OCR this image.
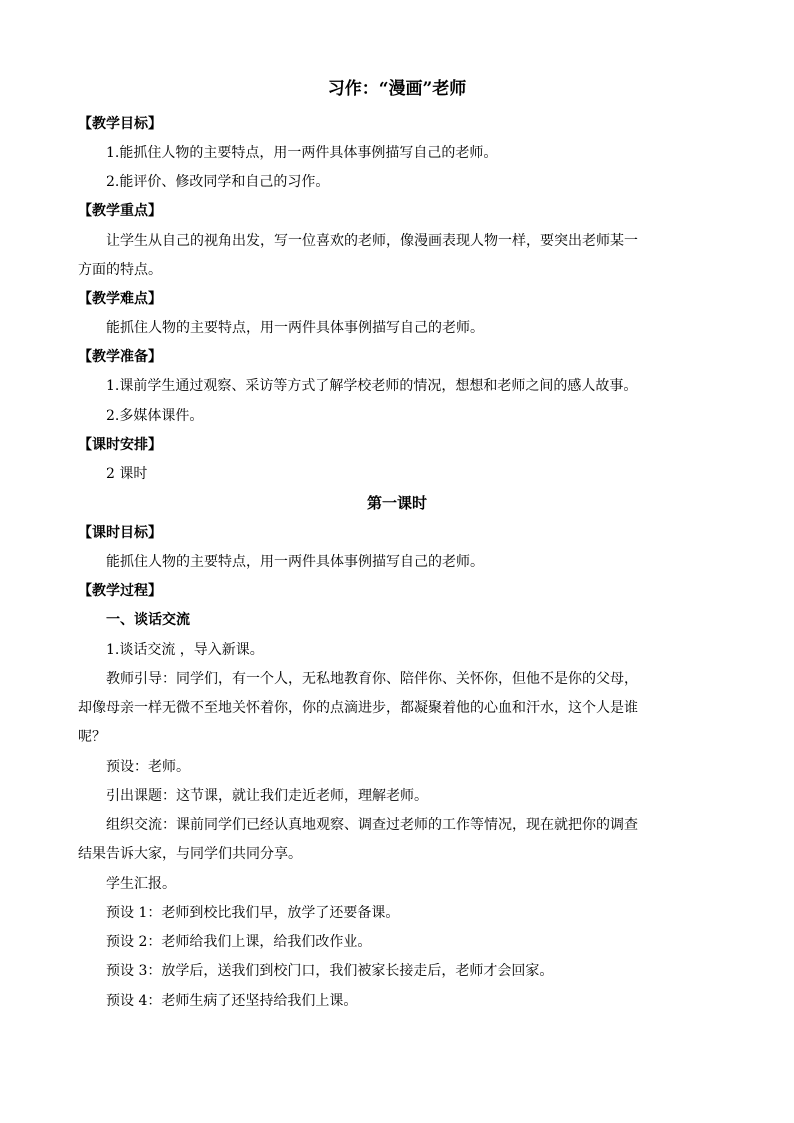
习作：“漫画”老师
【教学目标】
1.能抓住人物的主要特点，用一两件具体事例描写自己的老师。
2.能评价、修改同学和自己的习作。
【教学重点】
让学生从自己的视角出发，写一位喜欢的老师，像漫画表现人物一样，要突出老师某一
方面的特点。
【教学难点】
能抓住人物的主要特点，用一两件具体事例描写自己的老师。
【教学准备】
1.课前学生通过观察、采访等方式了解学校老师的情况，想想和老师之间的感人故事。
2.多媒体课件。
【课时安排】
2 课时
第一课时
【课时目标】
能抓住人物的主要特点，用一两件具体事例描写自己的老师。
【教学过程】
一、谈话交流
1.谈话交流 ，导入新课。
教师引导：同学们，有一个人，无私地教育你、陪伴你、关怀你，但他不是你的父母，
却像母亲一样无微不至地关怀着你，你的点滴进步，都凝聚着他的心血和汗水，这个人是谁
呢？
预设：老师。
引出课题：这节课，就让我们走近老师，理解老师。
组织交流：课前同学们已经认真地观察、调查过老师的工作等情况，现在就把你的调查
结果告诉大家，与同学们共同分享。
学生汇报。
预设 1：老师到校比我们早，放学了还要备课。
预设 2：老师给我们上课，给我们改作业。
预设 3：放学后，送我们到校门口，我们被家长接走后，老师才会回家。
预设 4：老师生病了还坚持给我们上课。
